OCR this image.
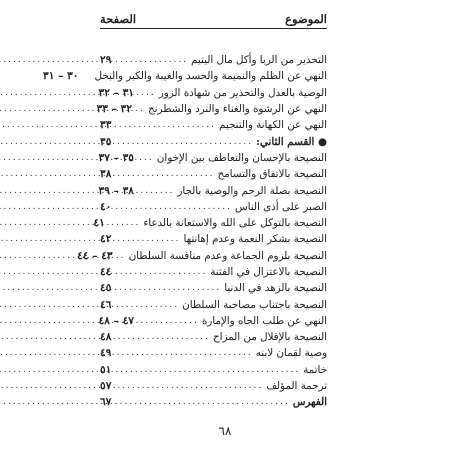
الموضوع
الصفحة
التحذير من الربا وأكل مال اليتيم
.....
٢٩
النهي عن الظلم والنميمة والحسد والغيبة والكبر والبخل
٣٠ – ٣١
الوصية بالعدل والتحذير من شهادة الزور
.....
٣١ – ٣٢
النهي عن الرشوة والغناء والنرد والشطرنج
.....
٣٢ – ٣٣
النهي عن الكهانة والتنجيم
.....
٣٣
● القسم الثاني:
.....
٣٥
النصيحة بالإحسان والتعاطف بين الإخوان
.....
٣٥ – ٣٧
النصيحة بالاتفاق والتسامح
.....
٣٨
النصيحة بصلة الرحم والوصية بالجار
.....
٣٨ – ٣٩
الصبر على أذى الناس
.....
٤٠
النصيحة بالتوكل على الله والاستعانة بالدعاء
.....
٤١
النصيحة بشكر النعمة وعدم إهانتها
.....
٤٢
النصيحة بلزوم الجماعة وعدم منافسة السلطان
.....
٤٣ – ٤٤
النصيحة بالاعتزال في الفتنة
.....
٤٤
النصيحة بالزهد في الدنيا
.....
٤٥
النصيحة باجتناب مصاحبة السلطان
.....
٤٦
النهي عن طلب الجاه والإمارة
.....
٤٧ – ٤٨
النصيحة بالإقلال من المزاح
.....
٤٨
وصية لقمان لابنه
.....
٤٩
خاتمة
.....
٥١
ترجمة المؤلف
.....
٥٧
الفهرس
.....
٦٧
٦٨
